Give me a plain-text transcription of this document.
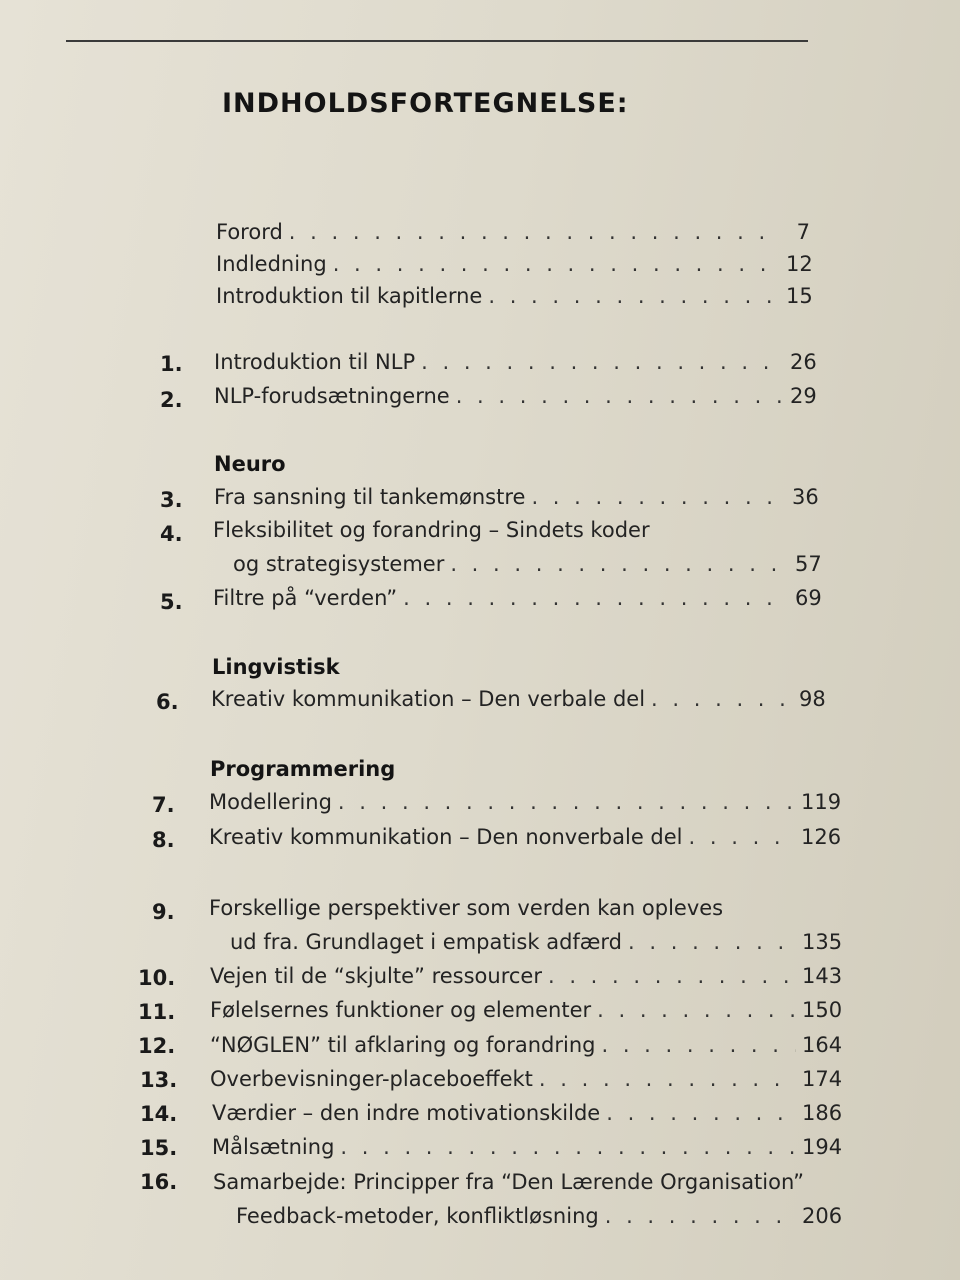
INDHOLDSFORTEGNELSE:
Forord . . .	7
Indledning . . .	12
Introduktion til kapitlerne . . .	15
1. Introduktion til NLP . . .	26
2. NLP-forudsætningerne . . .	29
Neuro
3. Fra sansning til tankemønstre . . .	36
4. Fleksibilitet og forandring – Sindets koder
og strategisystemer . . .	57
5. Filtre på “verden” . . .	69
Lingvistisk
6. Kreativ kommunikation – Den verbale del . . .	98
Programmering
7. Modellering . . .	119
8. Kreativ kommunikation – Den nonverbale del . . .	126
9. Forskellige perspektiver som verden kan opleves
ud fra. Grundlaget i empatisk adfærd . . .	135
10. Vejen til de “skjulte” ressourcer . . .	143
11. Følelsernes funktioner og elementer . . .	150
12. “NØGLEN” til afklaring og forandring . . .	164
13. Overbevisninger-placeboeffekt . . .	174
14. Værdier – den indre motivationskilde . . .	186
15. Målsætning . . .	194
16. Samarbejde: Principper fra “Den Lærende Organisation”
Feedback-metoder, konfliktløsning . . .	206
